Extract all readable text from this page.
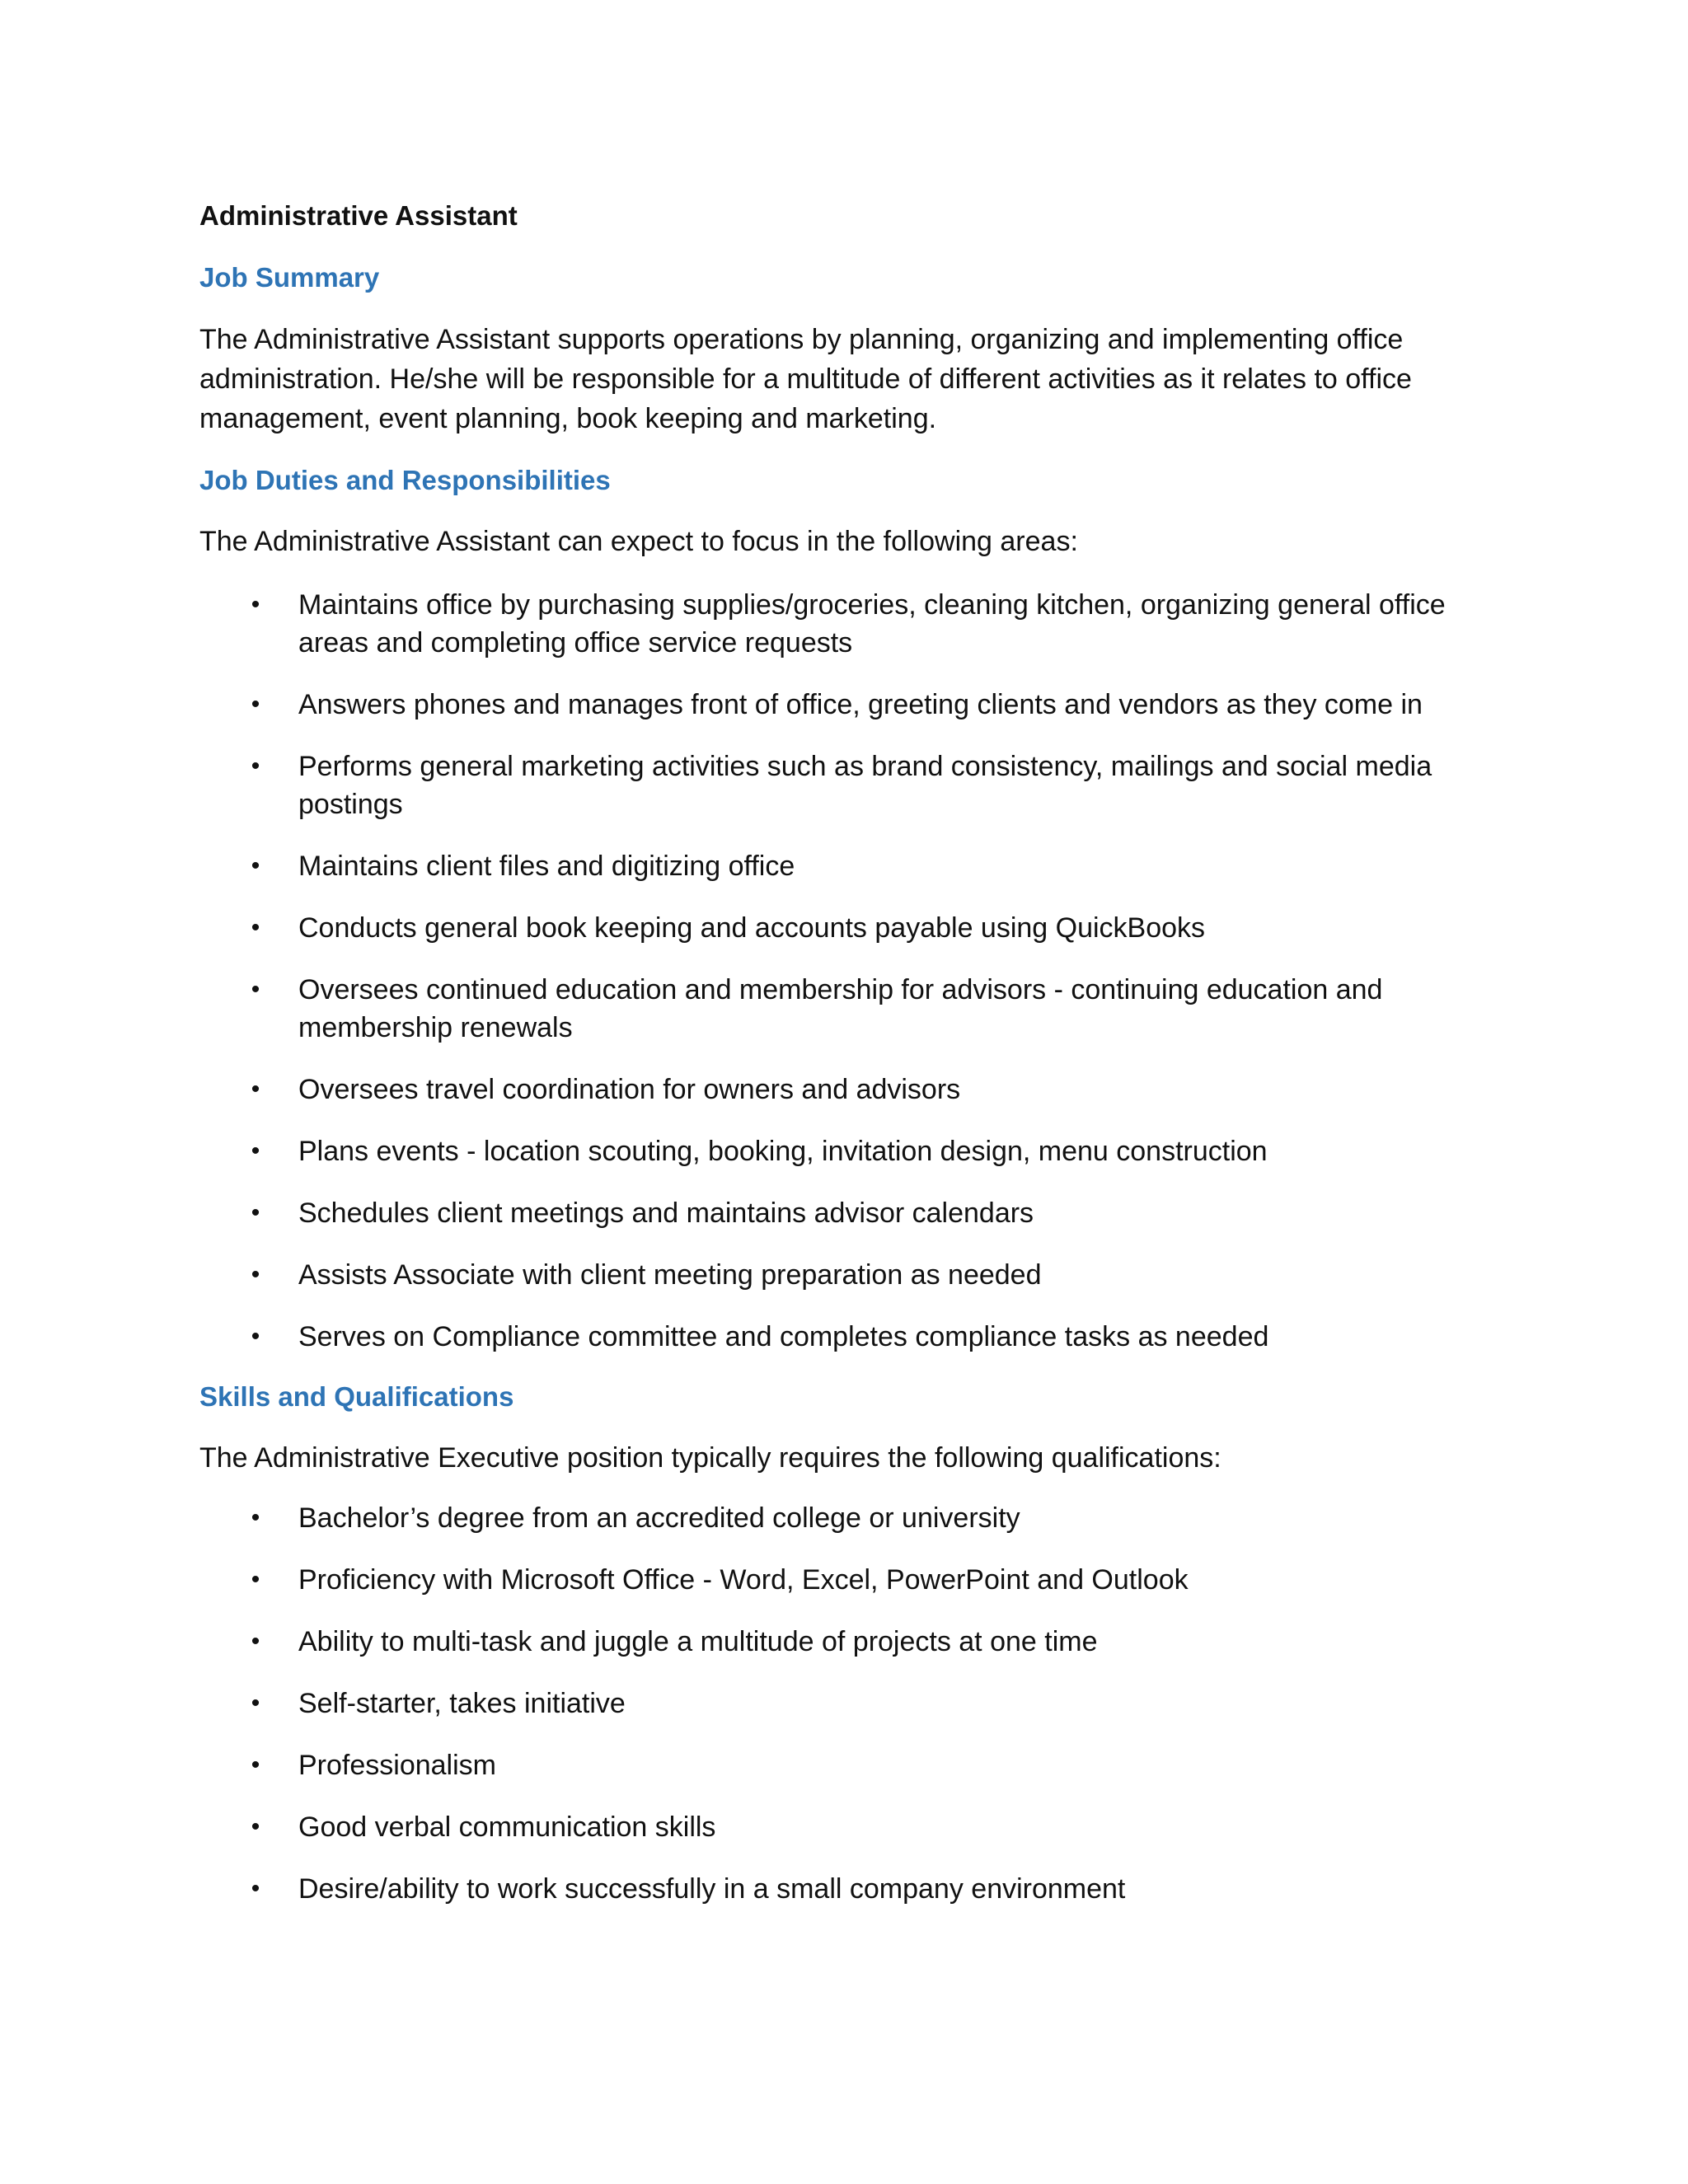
Administrative Assistant
Job Summary

The Administrative Assistant supports operations by planning, organizing and implementing office administration. He/she will be responsible for a multitude of different activities as it relates to office management, event planning, book keeping and marketing.

Job Duties and Responsibilities

The Administrative Assistant can expect to focus in the following areas:

• Maintains office by purchasing supplies/groceries, cleaning kitchen, organizing general office areas and completing office service requests
• Answers phones and manages front of office, greeting clients and vendors as they come in
• Performs general marketing activities such as brand consistency, mailings and social media postings
• Maintains client files and digitizing office
• Conducts general book keeping and accounts payable using QuickBooks
• Oversees continued education and membership for advisors - continuing education and membership renewals
• Oversees travel coordination for owners and advisors
• Plans events - location scouting, booking, invitation design, menu construction
• Schedules client meetings and maintains advisor calendars
• Assists Associate with client meeting preparation as needed
• Serves on Compliance committee and completes compliance tasks as needed
Skills and Qualifications

The Administrative Executive position typically requires the following qualifications:

• Bachelor’s degree from an accredited college or university
• Proficiency with Microsoft Office - Word, Excel, PowerPoint and Outlook
• Ability to multi-task and juggle a multitude of projects at one time
• Self-starter, takes initiative
• Professionalism
• Good verbal communication skills
• Desire/ability to work successfully in a small company environment
